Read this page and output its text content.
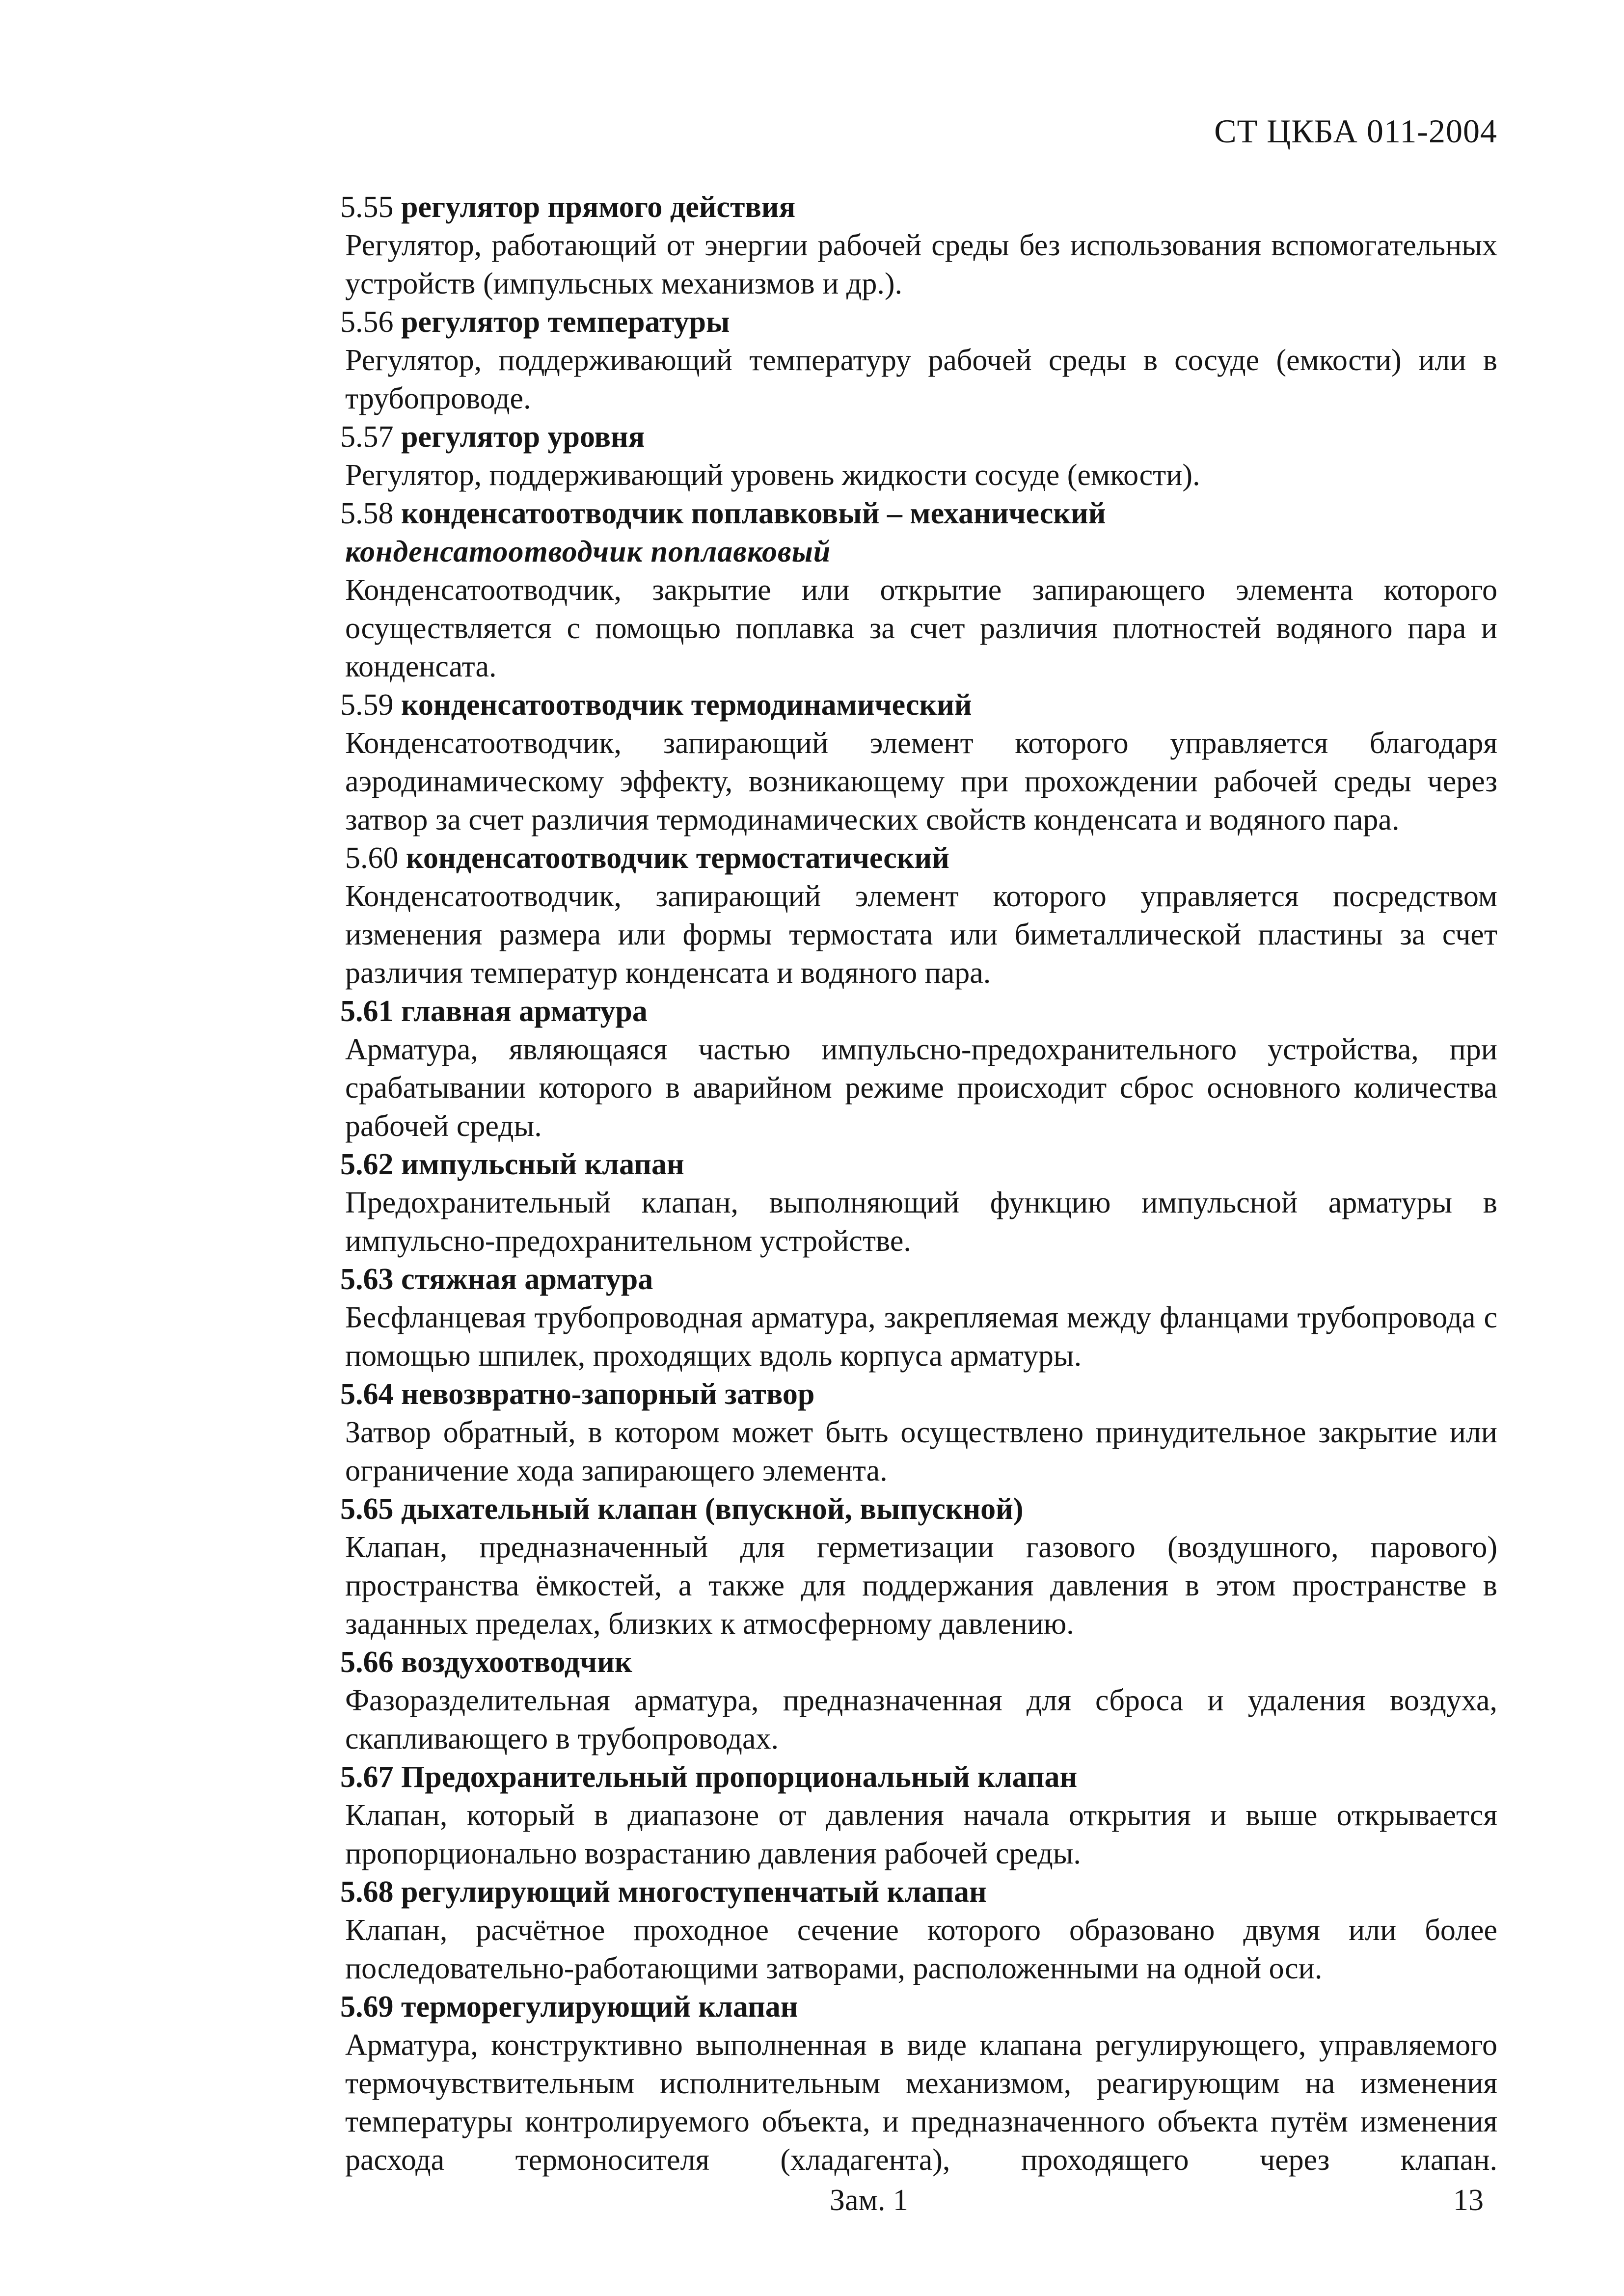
СТ ЦКБА 011-2004

5.55 регулятор прямого действия

Регулятор, работающий от энергии рабочей среды без использования вспомогательных устройств (импульсных механизмов и др.).

5.56 регулятор температуры

Регулятор, поддерживающий температуру рабочей среды в сосуде (емкости) или в трубопроводе.

5.57 регулятор уровня

Регулятор, поддерживающий уровень жидкости сосуде (емкости).

5.58 конденсатоотводчик поплавковый – механический

конденсатоотводчик поплавковый

Конденсатоотводчик, закрытие или открытие запирающего элемента которого осуществляется с помощью поплавка за счет различия плотностей водяного пара и конденсата.

5.59 конденсатоотводчик термодинамический

Конденсатоотводчик, запирающий элемент которого управляется благодаря аэродинамическому эффекту, возникающему при прохождении рабочей среды через затвор за счет различия термодинамических свойств конденсата и водяного пара.

5.60 конденсатоотводчик термостатический

Конденсатоотводчик, запирающий элемент которого управляется посредством изменения размера или формы термостата или биметаллической пластины за счет различия температур конденсата и водяного пара.

5.61 главная арматура

Арматура, являющаяся частью импульсно-предохранительного устройства, при срабатывании которого в аварийном режиме происходит сброс основного количества рабочей среды.

5.62 импульсный клапан

Предохранительный клапан, выполняющий функцию импульсной арматуры в импульсно-предохранительном устройстве.

5.63 стяжная арматура

Бесфланцевая трубопроводная арматура, закрепляемая между фланцами трубопровода с помощью шпилек, проходящих вдоль корпуса арматуры.

5.64 невозвратно-запорный затвор

Затвор обратный, в котором может быть осуществлено принудительное закрытие или ограничение хода запирающего элемента.

5.65 дыхательный клапан (впускной, выпускной)

Клапан, предназначенный для герметизации газового (воздушного, парового) пространства ёмкостей, а также для поддержания давления в этом пространстве в заданных пределах, близких к атмосферному давлению.

5.66 воздухоотводчик

Фазоразделительная арматура, предназначенная для сброса и удаления воздуха, скапливающего в трубопроводах.

5.67 Предохранительный пропорциональный клапан

Клапан, который в диапазоне от давления начала открытия и выше открывается пропорционально возрастанию давления рабочей среды.

5.68 регулирующий многоступенчатый клапан

Клапан, расчётное проходное сечение которого образовано двумя или более последовательно-работающими затворами, расположенными на одной оси.

5.69 терморегулирующий клапан

Арматура, конструктивно выполненная в виде клапана регулирующего, управляемого термочувствительным исполнительным механизмом, реагирующим на изменения температуры контролируемого объекта, и предназначенного объекта путём изменения расхода термоносителя (хладагента), проходящего через клапан.

Зам. 1	13
